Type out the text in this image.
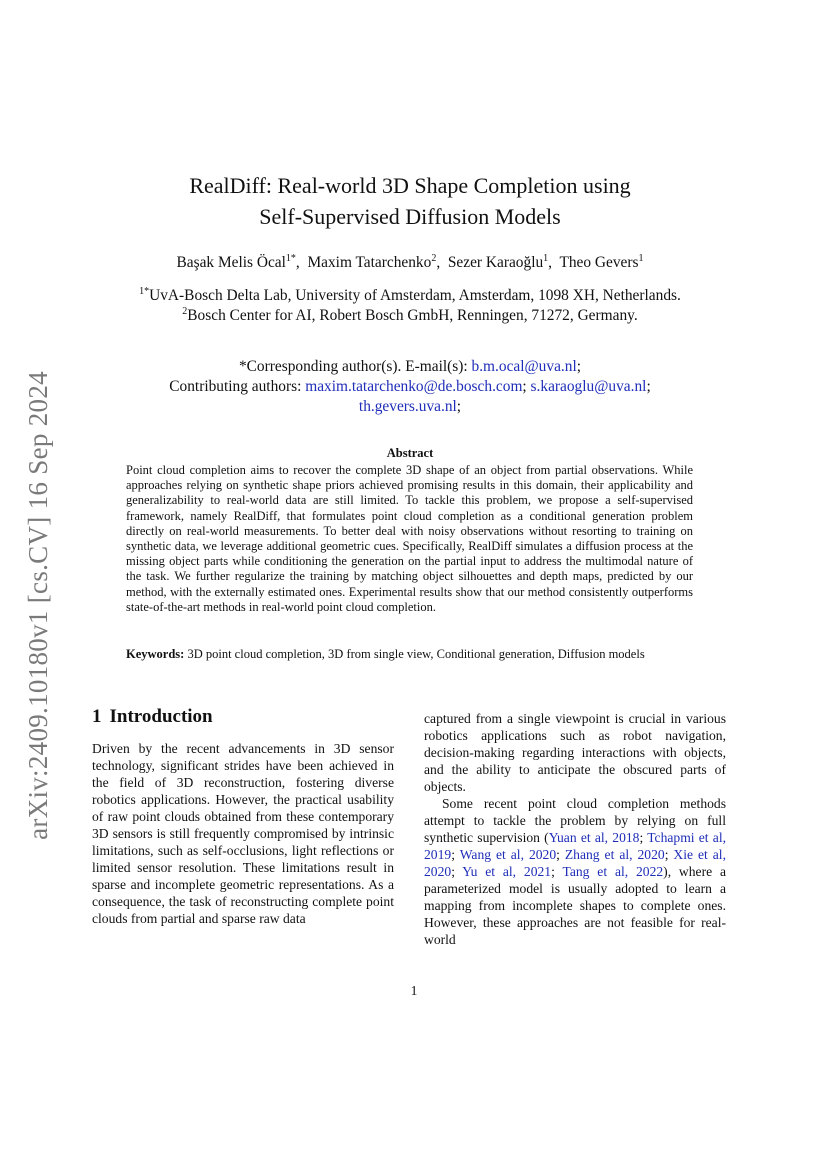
arXiv:2409.10180v1 [cs.CV] 16 Sep 2024
RealDiff: Real-world 3D Shape Completion using
Self-Supervised Diffusion Models
Başak Melis Öcal$^{1*}$,  Maxim Tatarchenko$^2$,  Sezer Karaoğlu$^1$,  Theo Gevers$^1$
$^{1*}$UvA-Bosch Delta Lab, University of Amsterdam, Amsterdam, 1098 XH, Netherlands.
$^2$Bosch Center for AI, Robert Bosch GmbH, Renningen, 71272, Germany.
*Corresponding author(s). E-mail(s): b.m.ocal@uva.nl;
Contributing authors: maxim.tatarchenko@de.bosch.com; s.karaoglu@uva.nl;
th.gevers.uva.nl;
Abstract
Point cloud completion aims to recover the complete 3D shape of an object from partial observations. While approaches relying on synthetic shape priors achieved promising results in this domain, their applicability and generalizability to real-world data are still limited. To tackle this problem, we propose a self-supervised framework, namely RealDiff, that formulates point cloud completion as a conditional generation problem directly on real-world measurements. To better deal with noisy observations without resorting to training on synthetic data, we leverage additional geometric cues. Specifically, RealDiff simulates a diffusion process at the missing object parts while conditioning the generation on the partial input to address the multimodal nature of the task. We further regularize the training by matching object silhouettes and depth maps, predicted by our method, with the externally estimated ones. Experimental results show that our method consistently outperforms state-of-the-art methods in real-world point cloud completion.
Keywords: 3D point cloud completion, 3D from single view, Conditional generation, Diffusion models
1 Introduction

Driven by the recent advancements in 3D sensor technology, significant strides have been achieved in the field of 3D reconstruction, fostering diverse robotics applications. However, the practical usability of raw point clouds obtained from these contemporary 3D sensors is still frequently compromised by intrinsic limitations, such as self-occlusions, light reflections or limited sensor resolution. These limitations result in sparse and incomplete geometric representations. As a consequence, the task of reconstructing complete point clouds from partial and sparse raw data

captured from a single viewpoint is crucial in various robotics applications such as robot navigation, decision-making regarding interactions with objects, and the ability to anticipate the obscured parts of objects.

Some recent point cloud completion methods attempt to tackle the problem by relying on full synthetic supervision (Yuan et al, 2018; Tchapmi et al, 2019; Wang et al, 2020; Zhang et al, 2020; Xie et al, 2020; Yu et al, 2021; Tang et al, 2022), where a parameterized model is usually adopted to learn a mapping from incomplete shapes to complete ones. However, these approaches are not feasible for real-world

1
